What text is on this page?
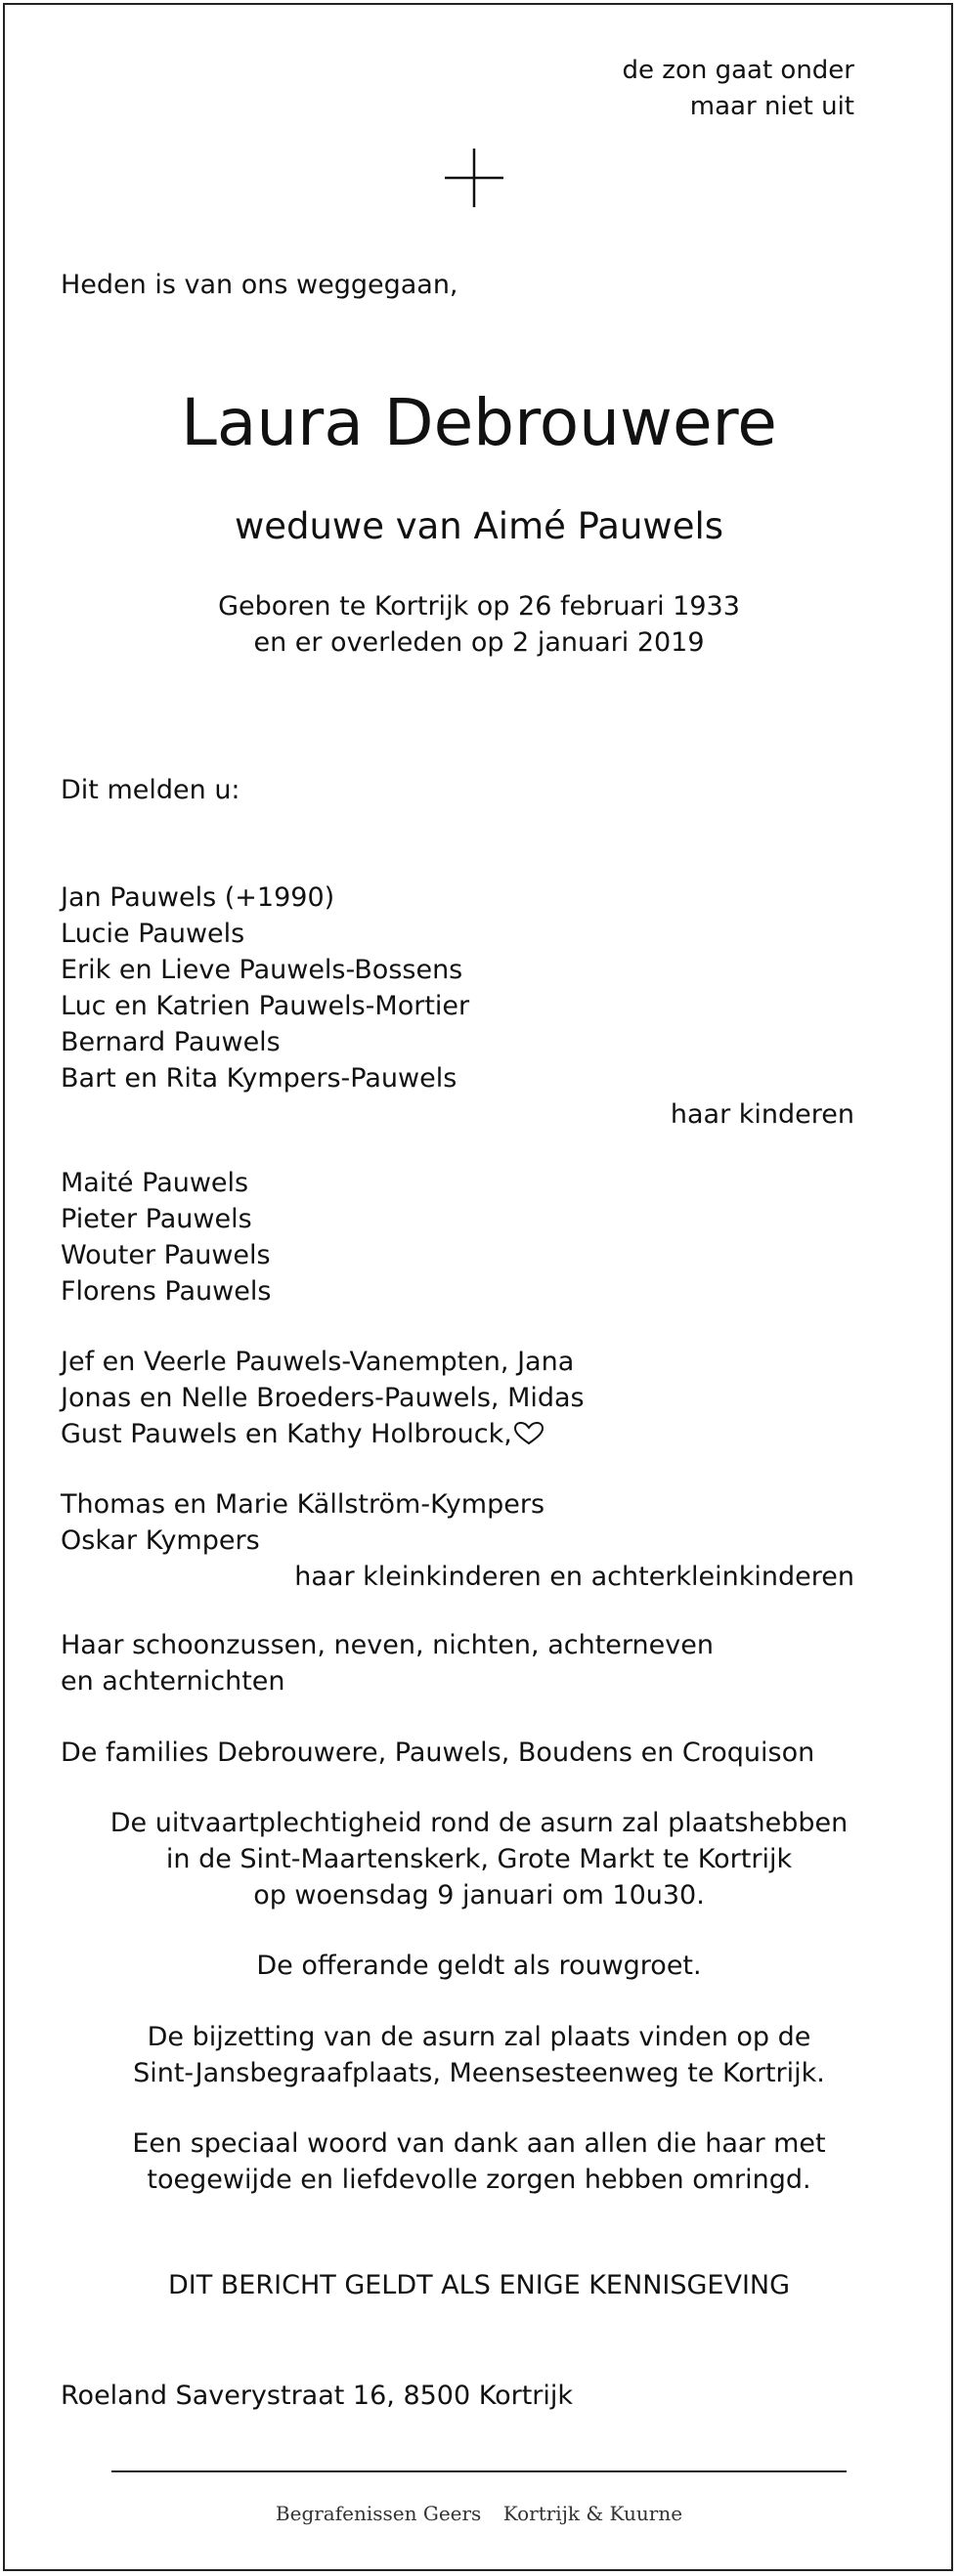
de zon gaat onder

maar niet uit

Heden is van ons weggegaan,

Laura Debrouwere

weduwe van Aimé Pauwels

Geboren te Kortrijk op 26 februari 1933

en er overleden op 2 januari 2019

Dit melden u:

Jan Pauwels (+1990)

Lucie Pauwels

Erik en Lieve Pauwels-Bossens

Luc en Katrien Pauwels-Mortier

Bernard Pauwels

Bart en Rita Kympers-Pauwels

haar kinderen

Maité Pauwels

Pieter Pauwels

Wouter Pauwels

Florens Pauwels

Jef en Veerle Pauwels-Vanempten, Jana

Jonas en Nelle Broeders-Pauwels, Midas

Gust Pauwels en Kathy Holbrouck,

Thomas en Marie Källström-Kympers

Oskar Kympers

haar kleinkinderen en achterkleinkinderen

Haar schoonzussen, neven, nichten, achterneven

en achternichten

De families Debrouwere, Pauwels, Boudens en Croquison

De uitvaartplechtigheid rond de asurn zal plaatshebben

in de Sint-Maartenskerk, Grote Markt te Kortrijk

op woensdag 9 januari om 10u30.

De offerande geldt als rouwgroet.

De bijzetting van de asurn zal plaats vinden op de

Sint-Jansbegraafplaats, Meensesteenweg te Kortrijk.

Een speciaal woord van dank aan allen die haar met

toegewijde en liefdevolle zorgen hebben omringd.

DIT BERICHT GELDT ALS ENIGE KENNISGEVING

Roeland Saverystraat 16, 8500 Kortrijk

Begrafenissen Geers Kortrijk & Kuurne
